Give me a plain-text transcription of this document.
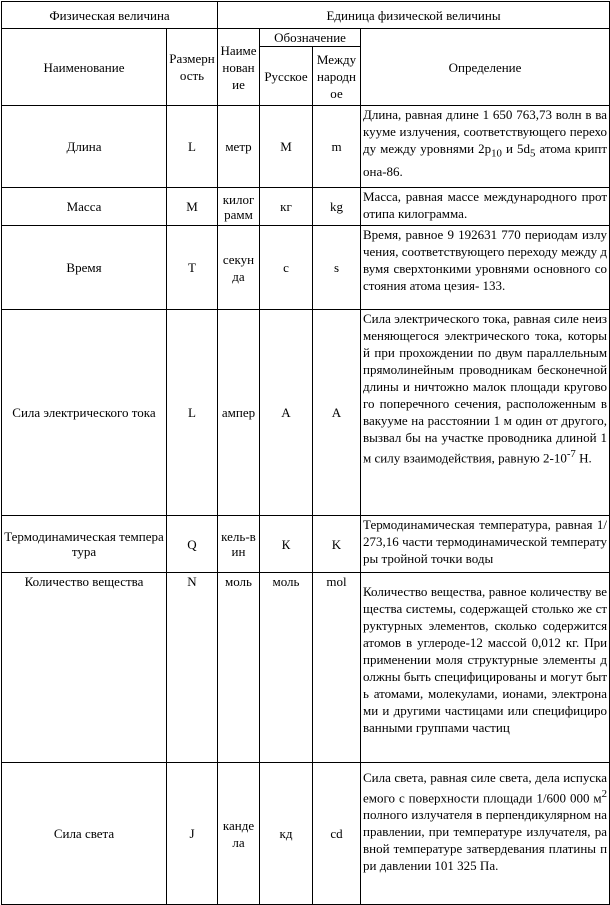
Физическая величина		Единица физической величины			
Наименование	Размерность	Наименование	Обозначение		Определение
			Русское	Международное	
Длина	L	метр	М	m	Длина, равная длине 1 650 763,73 волн в вакууме излучения, соответствующего переходу между уровнями $2p_{10}$ и $5d_5$ атома криптона-86.
Масса	M	килограмм	кг	kg	Масса, равная массе международного прототипа килограмма.
Время	T	секунда	с	s	Время, равное 9 192631 770 периодам излучения, соответствующего переходу между двумя сверхтонкими уровнями основного состояния атома цезия- 133.
Сила электрического тока	L	ампер	А	A	Сила электрического тока, равная силе неизменяющегося электрического тока, который при прохождении по двум параллельным прямолинейным проводникам бесконечной длины и ничтожно малок площади кругового поперечного сечения, расположенным в вакууме на расстоянии 1 м один от другого, вызвал бы на участке проводника длиной 1 м силу взаимодействия, равную $2-10^{-7}$ Н.
Термодинамическая температура	Q	кель-вин	К	K	Термодинамическая температура, равная 1/273,16 части термодинамической температуры тройной точки воды
Количество вещества	N	моль	моль	mol	Количество вещества, равное количеству вещества системы, содержащей столько же структурных элементов, сколько содержится атомов в углероде-12 массой 0,012 кг. При применении моля структурные элементы должны быть специфицированы и могут быть атомами, молекулами, ионами, электронами и другими частицами или специфицированными группами частиц
Сила света	J	кандела	кд	cd	Сила света, равная силе света, дела испускаемого с поверхности площади 1/600 000 $м^2$ полного излучателя в перпендикулярном направлении, при температуре излучателя, равной температуре затвердевания платины при давлении 101 325 Па.
